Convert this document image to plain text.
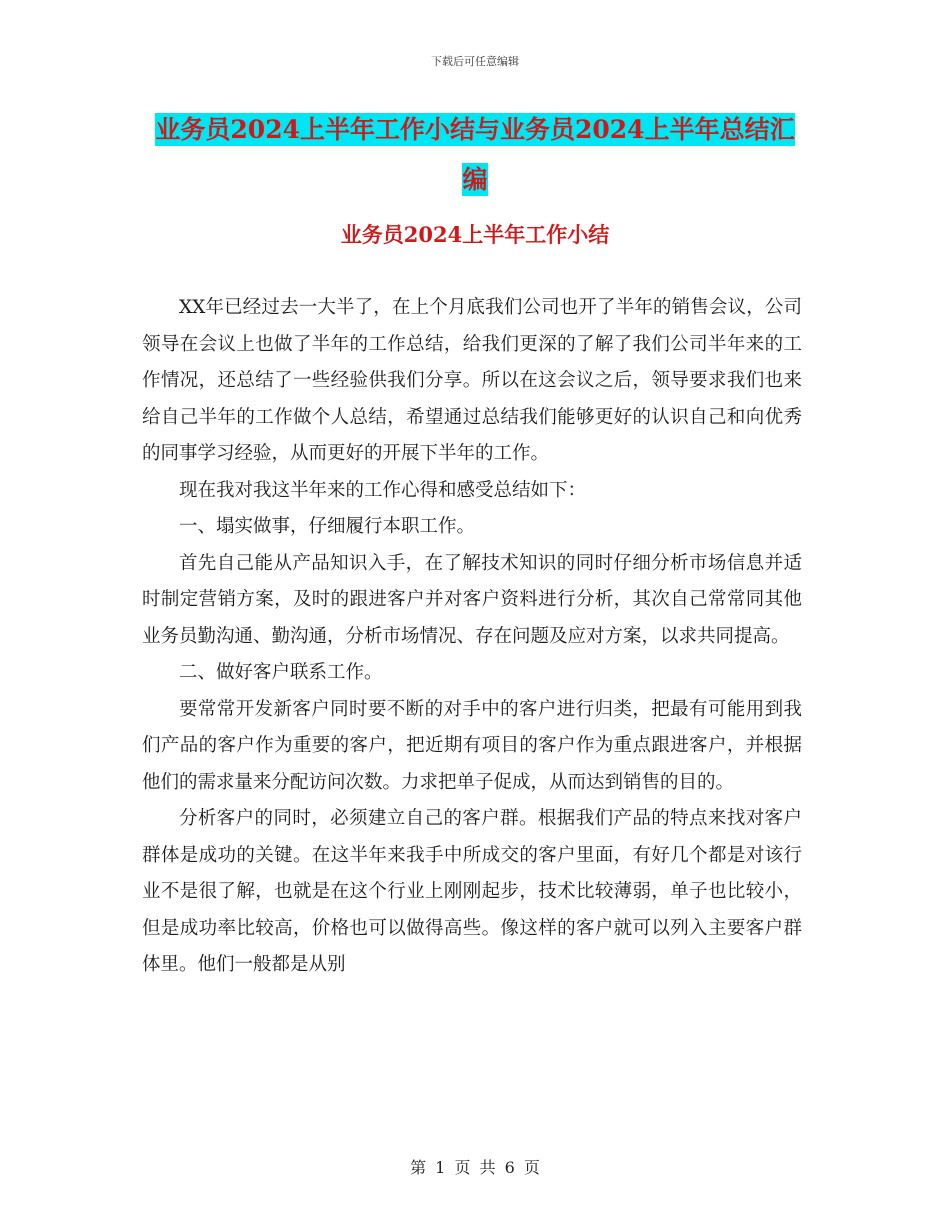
下载后可任意编辑
业务员2024上半年工作小结与业务员2024上半年总结汇编
业务员2024上半年工作小结

XX年已经过去一大半了，在上个月底我们公司也开了半年的销售会议，公司领导在会议上也做了半年的工作总结，给我们更深的了解了我们公司半年来的工作情况，还总结了一些经验供我们分享。所以在这会议之后，领导要求我们也来给自己半年的工作做个人总结，希望通过总结我们能够更好的认识自己和向优秀的同事学习经验，从而更好的开展下半年的工作。

现在我对我这半年来的工作心得和感受总结如下：

一、塌实做事，仔细履行本职工作。

首先自己能从产品知识入手，在了解技术知识的同时仔细分析市场信息并适时制定营销方案，及时的跟进客户并对客户资料进行分析，其次自己常常同其他业务员勤沟通、勤沟通，分析市场情况、存在问题及应对方案，以求共同提高。

二、做好客户联系工作。

要常常开发新客户同时要不断的对手中的客户进行归类，把最有可能用到我们产品的客户作为重要的客户，把近期有项目的客户作为重点跟进客户，并根据他们的需求量来分配访问次数。力求把单子促成，从而达到销售的目的。

分析客户的同时，必须建立自己的客户群。根据我们产品的特点来找对客户群体是成功的关键。在这半年来我手中所成交的客户里面，有好几个都是对该行业不是很了解，也就是在这个行业上刚刚起步，技术比较薄弱，单子也比较小，但是成功率比较高，价格也可以做得高些。像这样的客户就可以列入主要客户群体里。他们一般都是从别

第 1 页 共 6 页
